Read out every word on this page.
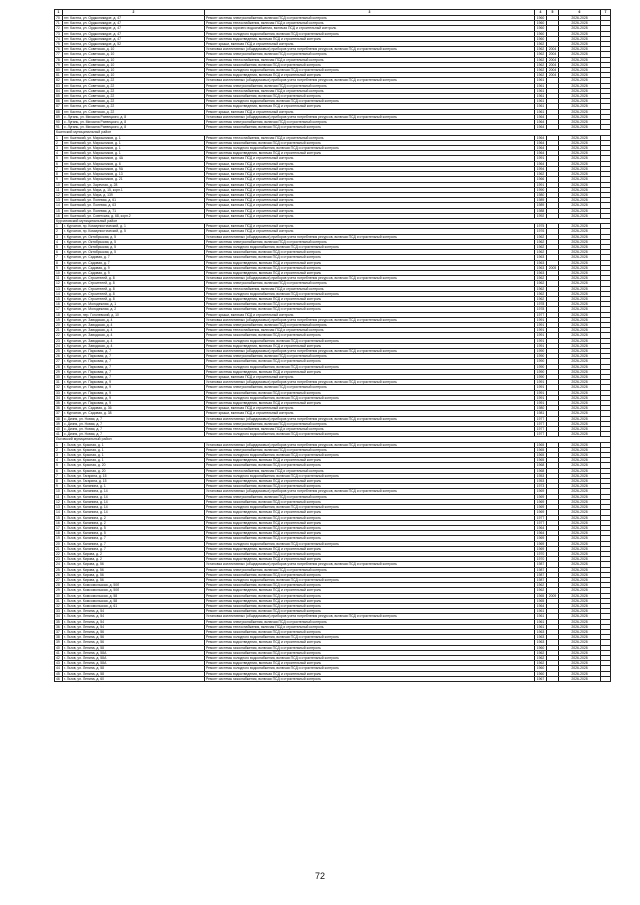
1	2	3	4	5	6	7
70	пгт. Кастна, ул. Орджоникидзе, д. 47	Ремонт системы электроснабжения, включая ПСД и строительный контроль	1960		2026-2028	
71	пгт. Кастна, ул. Орджоникидзе, д. 47	Ремонт системы теплоснабжения, включая ПСД и строительный контроль	1960		2026-2028	
72	пгт. Кастна, ул. Орджоникидзе, д. 47	Ремонт системы горячего водоснабжения, включая ПСД и строительный контроль	1960		2026-2028	
73	пгт. Кастна, ул. Орджоникидзе, д. 47	Ремонт системы холодного водоснабжения, включая ПСД и строительный контроль	1960		2026-2028	
74	пгт. Кастна, ул. Орджоникидзе, д. 47	Ремонт системы водоотведения, включая ПСД и строительный контроль	1960		2026-2028	
75	пгт. Кастна, ул. Орджоникидзе, д. 52	Ремонт крыши, включая ПСД и строительный контроль	1962		2026-2028	
76	пгт. Кастна, ул. Советская, д. 10	Установка коллективных (общедомовых) приборов учета потребления ресурсов, включая ПСД и строительный контроль	1962	2004	2026-2028	
77	пгт. Кастна, ул. Советская, д. 10	Ремонт системы электроснабжения, включая ПСД и строительный контроль	1962	2004	2026-2028	
78	пгт. Кастна, ул. Советская, д. 10	Ремонт системы теплоснабжения, включая ПСД и строительный контроль	1962	2004	2026-2028	
79	пгт. Кастна, ул. Советская, д. 10	Ремонт системы газоснабжения, включая ПСД и строительный контроль	1962	2004	2026-2028	
80	пгт. Кастна, ул. Советская, д. 10	Ремонт системы холодного водоснабжения, включая ПСД и строительный контроль	1962	2004	2026-2028	
81	пгт. Кастна, ул. Советская, д. 10	Ремонт системы водоотведения, включая ПСД и строительный контроль	1962	2004	2026-2028	
82	пгт. Кастна, ул. Советская, д. 22	Установка коллективных (общедомовых) приборов учета потребления ресурсов, включая ПСД и строительный контроль	1961		2026-2028	
83	пгт. Кастна, ул. Советская, д. 22	Ремонт системы электроснабжения, включая ПСД и строительный контроль	1961		2026-2028	
84	пгт. Кастна, ул. Советская, д. 22	Ремонт системы теплоснабжения, включая ПСД и строительный контроль	1961		2026-2028	
85	пгт. Кастна, ул. Советская, д. 22	Ремонт системы газоснабжения, включая ПСД и строительный контроль	1961		2026-2028	
86	пгт. Кастна, ул. Советская, д. 22	Ремонт системы холодного водоснабжения, включая ПСД и строительный контроль	1961		2026-2028	
87	пгт. Кастна, ул. Советская, д. 22	Ремонт системы водоотведения, включая ПСД и строительный контроль	1961		2026-2028	
88	пгт. Кастна, ул. Советская, д. 22	Ремонт крыши, включая ПСД и строительный контроль	1961		2026-2028	
89	с. Лугань, ул. Михаила Раевецкого, д. 8	Установка коллективных (общедомовых) приборов учета потребления ресурсов, включая ПСД и строительный контроль	1964		2026-2028	
90	с. Лугань, ул. Михаила Раевецкого, д. 8	Ремонт системы электроснабжения, включая ПСД и строительный контроль	1964		2026-2028	
91	с. Лугань, ул. Михаила Раевецкого, д. 8	Ремонт системы газоснабжения, включая ПСД и строительный контроль	1964		2026-2028	
Кшенский муниципальный район						
1	пгт. Кшенский, ул. Мирошников, д. 1	Ремонт системы теплоснабжения, включая ПСД и строительный контроль	1964		2026-2028	
2	пгт. Кшенский, ул. Мирошников, д. 1	Ремонт системы газоснабжения, включая ПСД и строительный контроль	1964		2026-2028	
3	пгт. Кшенский, ул. Мирошников, д. 1	Ремонт системы холодного водоснабжения, включая ПСД и строительный контроль	1964		2026-2028	
4	пгт. Кшенский, ул. Мирошников, д. 1	Ремонт системы водоотведения, включая ПСД и строительный контроль	1964		2026-2028	
5	пгт. Кшенский, ул. Мирошников, д. 4А	Ремонт крыши, включая ПСД и строительный контроль	1991		2026-2028	
6	пгт. Кшенский, ул. Мирошников, д. 6	Ремонт крыши, включая ПСД и строительный контроль	1964		2026-2028	
7	пгт. Кшенский, ул. Мирошников, д. 9А	Ремонт крыши, включая ПСД и строительный контроль	1994		2026-2028	
8	пгт. Кшенский, ул. Мирошников, д. 13	Ремонт крыши, включая ПСД и строительный контроль	1962		2026-2028	
9	пгт. Кшенский, ул. Мирошников, д. 21	Ремонт крыши, включая ПСД и строительный контроль	1966		2026-2028	
10	пгт. Кшенский, ул. Заречная, д. 28	Ремонт крыши, включая ПСД и строительный контроль	1991		2026-2028	
11	пгт. Кшенский, ул. Мира, д. 15, корп.1	Ремонт крыши, включая ПСД и строительный контроль	1990		2026-2028	
12	пгт. Кшенский, ул. Мира, д. 139	Ремонт крыши, включая ПСД и строительный контроль	1980		2026-2028	
13	пгт. Кшенский, ул. Полевая, д. 61	Ремонт крыши, включая ПСД и строительный контроль	1989		2026-2028	
14	пгт. Кшенский, ул. Полевая, д. 63	Ремонт крыши, включая ПСД и строительный контроль	1989		2026-2028	
15	пгт. Кшенский, ул. Полевая, д. 71	Ремонт крыши, включая ПСД и строительный контроль	1988		2026-2028	
16	пгт. Кшенский, ул. Советская, д. 68, корп.2	Ремонт крыши, включая ПСД и строительный контроль	1992		2026-2028	
Курчатовский муниципальный район						
1	г. Курчатов, пр. Коммунистический, д. 1	Ремонт крыши, включая ПСД и строительный контроль	1975		2026-2028	
2	г. Курчатов, пр. Коммунистический, д. 5	Ремонт крыши, включая ПСД и строительный контроль	1976		2026-2028	
3	г. Курчатов, ул. Октябрьская, д. 5	Установка коллективных (общедомовых) приборов учета потребления ресурсов, включая ПСД и строительный контроль	1962		2026-2028	
4	г. Курчатов, ул. Октябрьская, д. 5	Ремонт системы электроснабжения, включая ПСД и строительный контроль	1962		2026-2028	
5	г. Курчатов, ул. Октябрьская, д. 5	Ремонт системы холодного водоснабжения, включая ПСД и строительный контроль	1962		2026-2028	
6	г. Курчатов, ул. Октябрьская, д. 5	Ремонт системы газоснабжения, включая ПСД и строительный контроль	1962		2026-2028	
7	г. Курчатов, ул. Садовая, д. 7	Ремонт системы газоснабжения, включая ПСД и строительный контроль	1963		2026-2028	
8	г. Курчатов, ул. Садовая, д. 7	Ремонт системы водоотведения, включая ПСД и строительный контроль	1963		2026-2028	
9	г. Курчатов, ул. Садовая, д. 9	Ремонт системы газоснабжения, включая ПСД и строительный контроль	1963	2005	2026-2028	
10	г. Курчатов, ул. Садовая, д. 9	Ремонт системы водоотведения, включая ПСД и строительный контроль	1963		2026-2028	
11	г. Курчатов, ул. Строителей, д. 8	Установка коллективных (общедомовых) приборов учета потребления ресурсов, включая ПСД и строительный контроль	1962		2026-2028	
12	г. Курчатов, ул. Строителей, д. 8	Ремонт системы электроснабжения, включая ПСД и строительный контроль	1962		2026-2028	
13	г. Курчатов, ул. Строителей, д. 8	Ремонт системы теплоснабжения, включая ПСД и строительный контроль	1962		2026-2028	
14	г. Курчатов, ул. Строителей, д. 8	Ремонт системы холодного водоснабжения, включая ПСД и строительный контроль	1962		2026-2028	
15	г. Курчатов, ул. Строителей, д. 8	Ремонт системы водоотведения, включая ПСД и строительный контроль	1962		2026-2028	
16	г. Курчатов, ул. Молодежная, д. 1	Ремонт системы газоснабжения, включая ПСД и строительный контроль	1978		2026-2028	
17	г. Курчатов, ул. Молодежная, д. 2	Ремонт системы газоснабжения, включая ПСД и строительный контроль	1978		2026-2028	
18	г. Курчатов, пер. Гоголевский, д. 10	Ремонт крыши, включая ПСД и строительный контроль	1977		2026-2028	
19	г. Курчатов, ул. Заводская, д. 4	Установка коллективных (общедомовых) приборов учета потребления ресурсов, включая ПСД и строительный контроль	1991		2026-2028	
20	г. Курчатов, ул. Заводская, д. 4	Ремонт системы электроснабжения, включая ПСД и строительный контроль	1991		2026-2028	
21	г. Курчатов, ул. Заводская, д. 4	Ремонт системы теплоснабжения, включая ПСД и строительный контроль	1991		2026-2028	
22	г. Курчатов, ул. Заводская, д. 4	Ремонт системы газоснабжения, включая ПСД и строительный контроль	1991		2026-2028	
23	г. Курчатов, ул. Заводская, д. 4	Ремонт системы холодного водоснабжения, включая ПСД и строительный контроль	1991		2026-2028	
24	г. Курчатов, ул. Заводская, д. 4	Ремонт системы водоотведения, включая ПСД и строительный контроль	1991		2026-2028	
25	г. Курчатов, ул. Парковая, д. 7	Установка коллективных (общедомовых) приборов учета потребления ресурсов, включая ПСД и строительный контроль	1990		2026-2028	
26	г. Курчатов, ул. Парковая, д. 7	Ремонт системы электроснабжения, включая ПСД и строительный контроль	1990		2026-2028	
27	г. Курчатов, ул. Парковая, д. 7	Ремонт системы газоснабжения, включая ПСД и строительный контроль	1990		2026-2028	
28	г. Курчатов, ул. Парковая, д. 7	Ремонт системы холодного водоснабжения, включая ПСД и строительный контроль	1990		2026-2028	
29	г. Курчатов, ул. Парковая, д. 7	Ремонт системы водоотведения, включая ПСД и строительный контроль	1990		2026-2028	
30	г. Курчатов, ул. Парковая, д. 7	Ремонт крыши, включая ПСД и строительный контроль	1990		2026-2028	
31	г. Курчатов, ул. Парковая, д. 9	Установка коллективных (общедомовых) приборов учета потребления ресурсов, включая ПСД и строительный контроль	1991		2026-2028	
32	г. Курчатов, ул. Парковая, д. 9	Ремонт системы электроснабжения, включая ПСД и строительный контроль	1991		2026-2028	
33	г. Курчатов, ул. Парковая, д. 9	Ремонт системы газоснабжения, включая ПСД и строительный контроль	1991		2026-2028	
34	г. Курчатов, ул. Парковая, д. 9	Ремонт системы холодного водоснабжения, включая ПСД и строительный контроль	1991		2026-2028	
35	г. Курчатов, ул. Парковая, д. 9	Ремонт системы водоотведения, включая ПСД и строительный контроль	1991		2026-2028	
36	г. Курчатов, ул. Садовая, д. 36	Ремонт крыши, включая ПСД и строительный контроль	1980		2026-2028	
37	г. Курчатов, ул. Садовая, д. 38	Ремонт крыши, включая ПСД и строительный контроль	1981		2026-2028	
38	с. Дичня, ул. Новая, д. 7	Установка коллективных (общедомовых) приборов учета потребления ресурсов, включая ПСД и строительный контроль	1977		2026-2028	
39	с. Дичня, ул. Новая, д. 7	Ремонт системы электроснабжения, включая ПСД и строительный контроль	1977		2026-2028	
40	с. Дичня, ул. Новая, д. 7	Ремонт системы теплоснабжения, включая ПСД и строительный контроль	1977		2026-2028	
41	с. Дичня, ул. Новая, д. 7	Ремонт системы холодного водоснабжения, включая ПСД и строительный контроль	1977		2026-2028	
Льговский муниципальный район						
1	г. Льгов, ул. Красная, д. 1	Установка коллективных (общедомовых) приборов учета потребления ресурсов, включая ПСД и строительный контроль	1965		2026-2028	
2	г. Льгов, ул. Красная, д. 1	Ремонт системы электроснабжения, включая ПСД и строительный контроль	1965		2026-2028	
3	г. Льгов, ул. Красная, д. 1	Ремонт системы холодного водоснабжения, включая ПСД и строительный контроль	1965		2026-2028	
4	г. Льгов, ул. Красная, д. 1	Ремонт системы водоотведения, включая ПСД и строительный контроль	1965		2026-2028	
5	г. Льгов, ул. Красная, д. 20	Ремонт системы газоснабжения, включая ПСД и строительный контроль	1968		2026-2028	
6	г. Льгов, ул. Красная, д. 20	Ремонт системы теплоснабжения, включая ПСД и строительный контроль	1968		2026-2028	
7	г. Льгов, ул. Гагарина, д. 15	Ремонт системы холодного водоснабжения, включая ПСД и строительный контроль	1953		2026-2028	
8	г. Льгов, ул. Гагарина, д. 15	Ремонт системы водоотведения, включая ПСД и строительный контроль	1953		2026-2028	
9	г. Льгов, ул. Калинина, д. 1	Ремонт системы газоснабжения, включая ПСД и строительный контроль	1973		2026-2028	
10	г. Льгов, ул. Калинина, д. 14	Установка коллективных (общедомовых) приборов учета потребления ресурсов, включая ПСД и строительный контроль	1969		2026-2028	
11	г. Льгов, ул. Калинина, д. 14	Ремонт системы электроснабжения, включая ПСД и строительный контроль	1969		2026-2028	
12	г. Льгов, ул. Калинина, д. 14	Ремонт системы газоснабжения, включая ПСД и строительный контроль	1969		2026-2028	
13	г. Льгов, ул. Калинина, д. 14	Ремонт системы холодного водоснабжения, включая ПСД и строительный контроль	1969		2026-2028	
14	г. Льгов, ул. Калинина, д. 14	Ремонт системы водоотведения, включая ПСД и строительный контроль	1969		2026-2028	
15	г. Льгов, ул. Калинина, д. 2	Ремонт системы газоснабжения, включая ПСД и строительный контроль	1977		2026-2028	
16	г. Льгов, ул. Калинина, д. 2	Ремонт системы водоотведения, включая ПСД и строительный контроль	1977		2026-2028	
17	г. Льгов, ул. Калинина, д. 5	Ремонт системы газоснабжения, включая ПСД и строительный контроль	1964		2026-2028	
18	г. Льгов, ул. Калинина, д. 5	Ремонт системы водоотведения, включая ПСД и строительный контроль	1964		2026-2028	
19	г. Льгов, ул. Калинина, д. 7	Ремонт системы газоснабжения, включая ПСД и строительный контроль	1969		2026-2028	
20	г. Льгов, ул. Калинина, д. 7	Ремонт системы холодного водоснабжения, включая ПСД и строительный контроль	1969		2026-2028	
21	г. Льгов, ул. Калинина, д. 7	Ремонт системы водоотведения, включая ПСД и строительный контроль	1969		2026-2028	
22	г. Льгов, ул. Кирова, д. 2	Ремонт системы газоснабжения, включая ПСД и строительный контроль	1970		2026-2028	
23	г. Льгов, ул. Кирова, д. 2	Ремонт системы водоотведения, включая ПСД и строительный контроль	1970		2026-2028	
24	г. Льгов, ул. Кирова, д. 56	Установка коллективных (общедомовых) приборов учета потребления ресурсов, включая ПСД и строительный контроль	1987		2026-2028	
25	г. Льгов, ул. Кирова, д. 56	Ремонт системы электроснабжения, включая ПСД и строительный контроль	1987		2026-2028	
26	г. Льгов, ул. Кирова, д. 56	Ремонт системы газоснабжения, включая ПСД и строительный контроль	1987		2026-2028	
27	г. Льгов, ул. Кирова, д. 56	Ремонт системы холодного водоснабжения, включая ПСД и строительный контроль	1987		2026-2028	
28	г. Льгов, ул. Комсомольская, д. 50б	Ремонт системы газоснабжения, включая ПСД и строительный контроль	1962		2026-2028	
29	г. Льгов, ул. Комсомольская, д. 50б	Ремонт системы водоотведения, включая ПСД и строительный контроль	1962		2026-2028	
30	г. Льгов, ул. Комсомольская, д. 58	Ремонт системы газоснабжения, включая ПСД и строительный контроль	1965	2009	2026-2028	
31	г. Льгов, ул. Комсомольская, д. 58	Ремонт системы водоотведения, включая ПСД и строительный контроль	1965		2026-2028	
32	г. Льгов, ул. Комсомольская, д. 61	Ремонт системы газоснабжения, включая ПСД и строительный контроль	1964		2026-2028	
33	г. Льгов, ул. Ленина, д. 54	Ремонт системы газоснабжения, включая ПСД и строительный контроль	1961		2026-2028	
34	г. Льгов, ул. Ленина, д. 54	Установка коллективных (общедомовых) приборов учета потребления ресурсов, включая ПСД и строительный контроль	1961		2026-2028	
35	г. Льгов, ул. Ленина, д. 54	Ремонт системы электроснабжения, включая ПСД и строительный контроль	1961		2026-2028	
36	г. Льгов, ул. Ленина, д. 54	Ремонт системы теплоснабжения, включая ПСД и строительный контроль	1961		2026-2028	
37	г. Льгов, ул. Ленина, д. 56	Ремонт системы газоснабжения, включая ПСД и строительный контроль	1963		2026-2028	
38	г. Льгов, ул. Ленина, д. 56	Ремонт системы холодного водоснабжения, включая ПСД и строительный контроль	1963		2026-2028	
39	г. Льгов, ул. Ленина, д. 56	Ремонт системы водоотведения, включая ПСД и строительный контроль	1963		2026-2028	
40	г. Льгов, ул. Ленина, д. 58	Ремонт системы газоснабжения, включая ПСД и строительный контроль	1960		2026-2028	
41	г. Льгов, ул. Ленина, д. 58А	Ремонт системы газоснабжения, включая ПСД и строительный контроль	1962		2026-2028	
42	г. Льгов, ул. Ленина, д. 58А	Ремонт системы холодного водоснабжения, включая ПСД и строительный контроль	1962		2026-2028	
43	г. Льгов, ул. Ленина, д. 58А	Ремонт системы водоотведения, включая ПСД и строительный контроль	1962		2026-2028	
44	г. Льгов, ул. Ленина, д. 58	Ремонт системы холодного водоснабжения, включая ПСД и строительный контроль	1960		2026-2028	
45	г. Льгов, ул. Ленина, д. 58	Ремонт системы водоотведения, включая ПСД и строительный контроль	1960		2026-2028	
46	г. Льгов, ул. Ленина, д. 60	Ремонт системы газоснабжения, включая ПСД и строительный контроль	1967		2026-2028	
72
